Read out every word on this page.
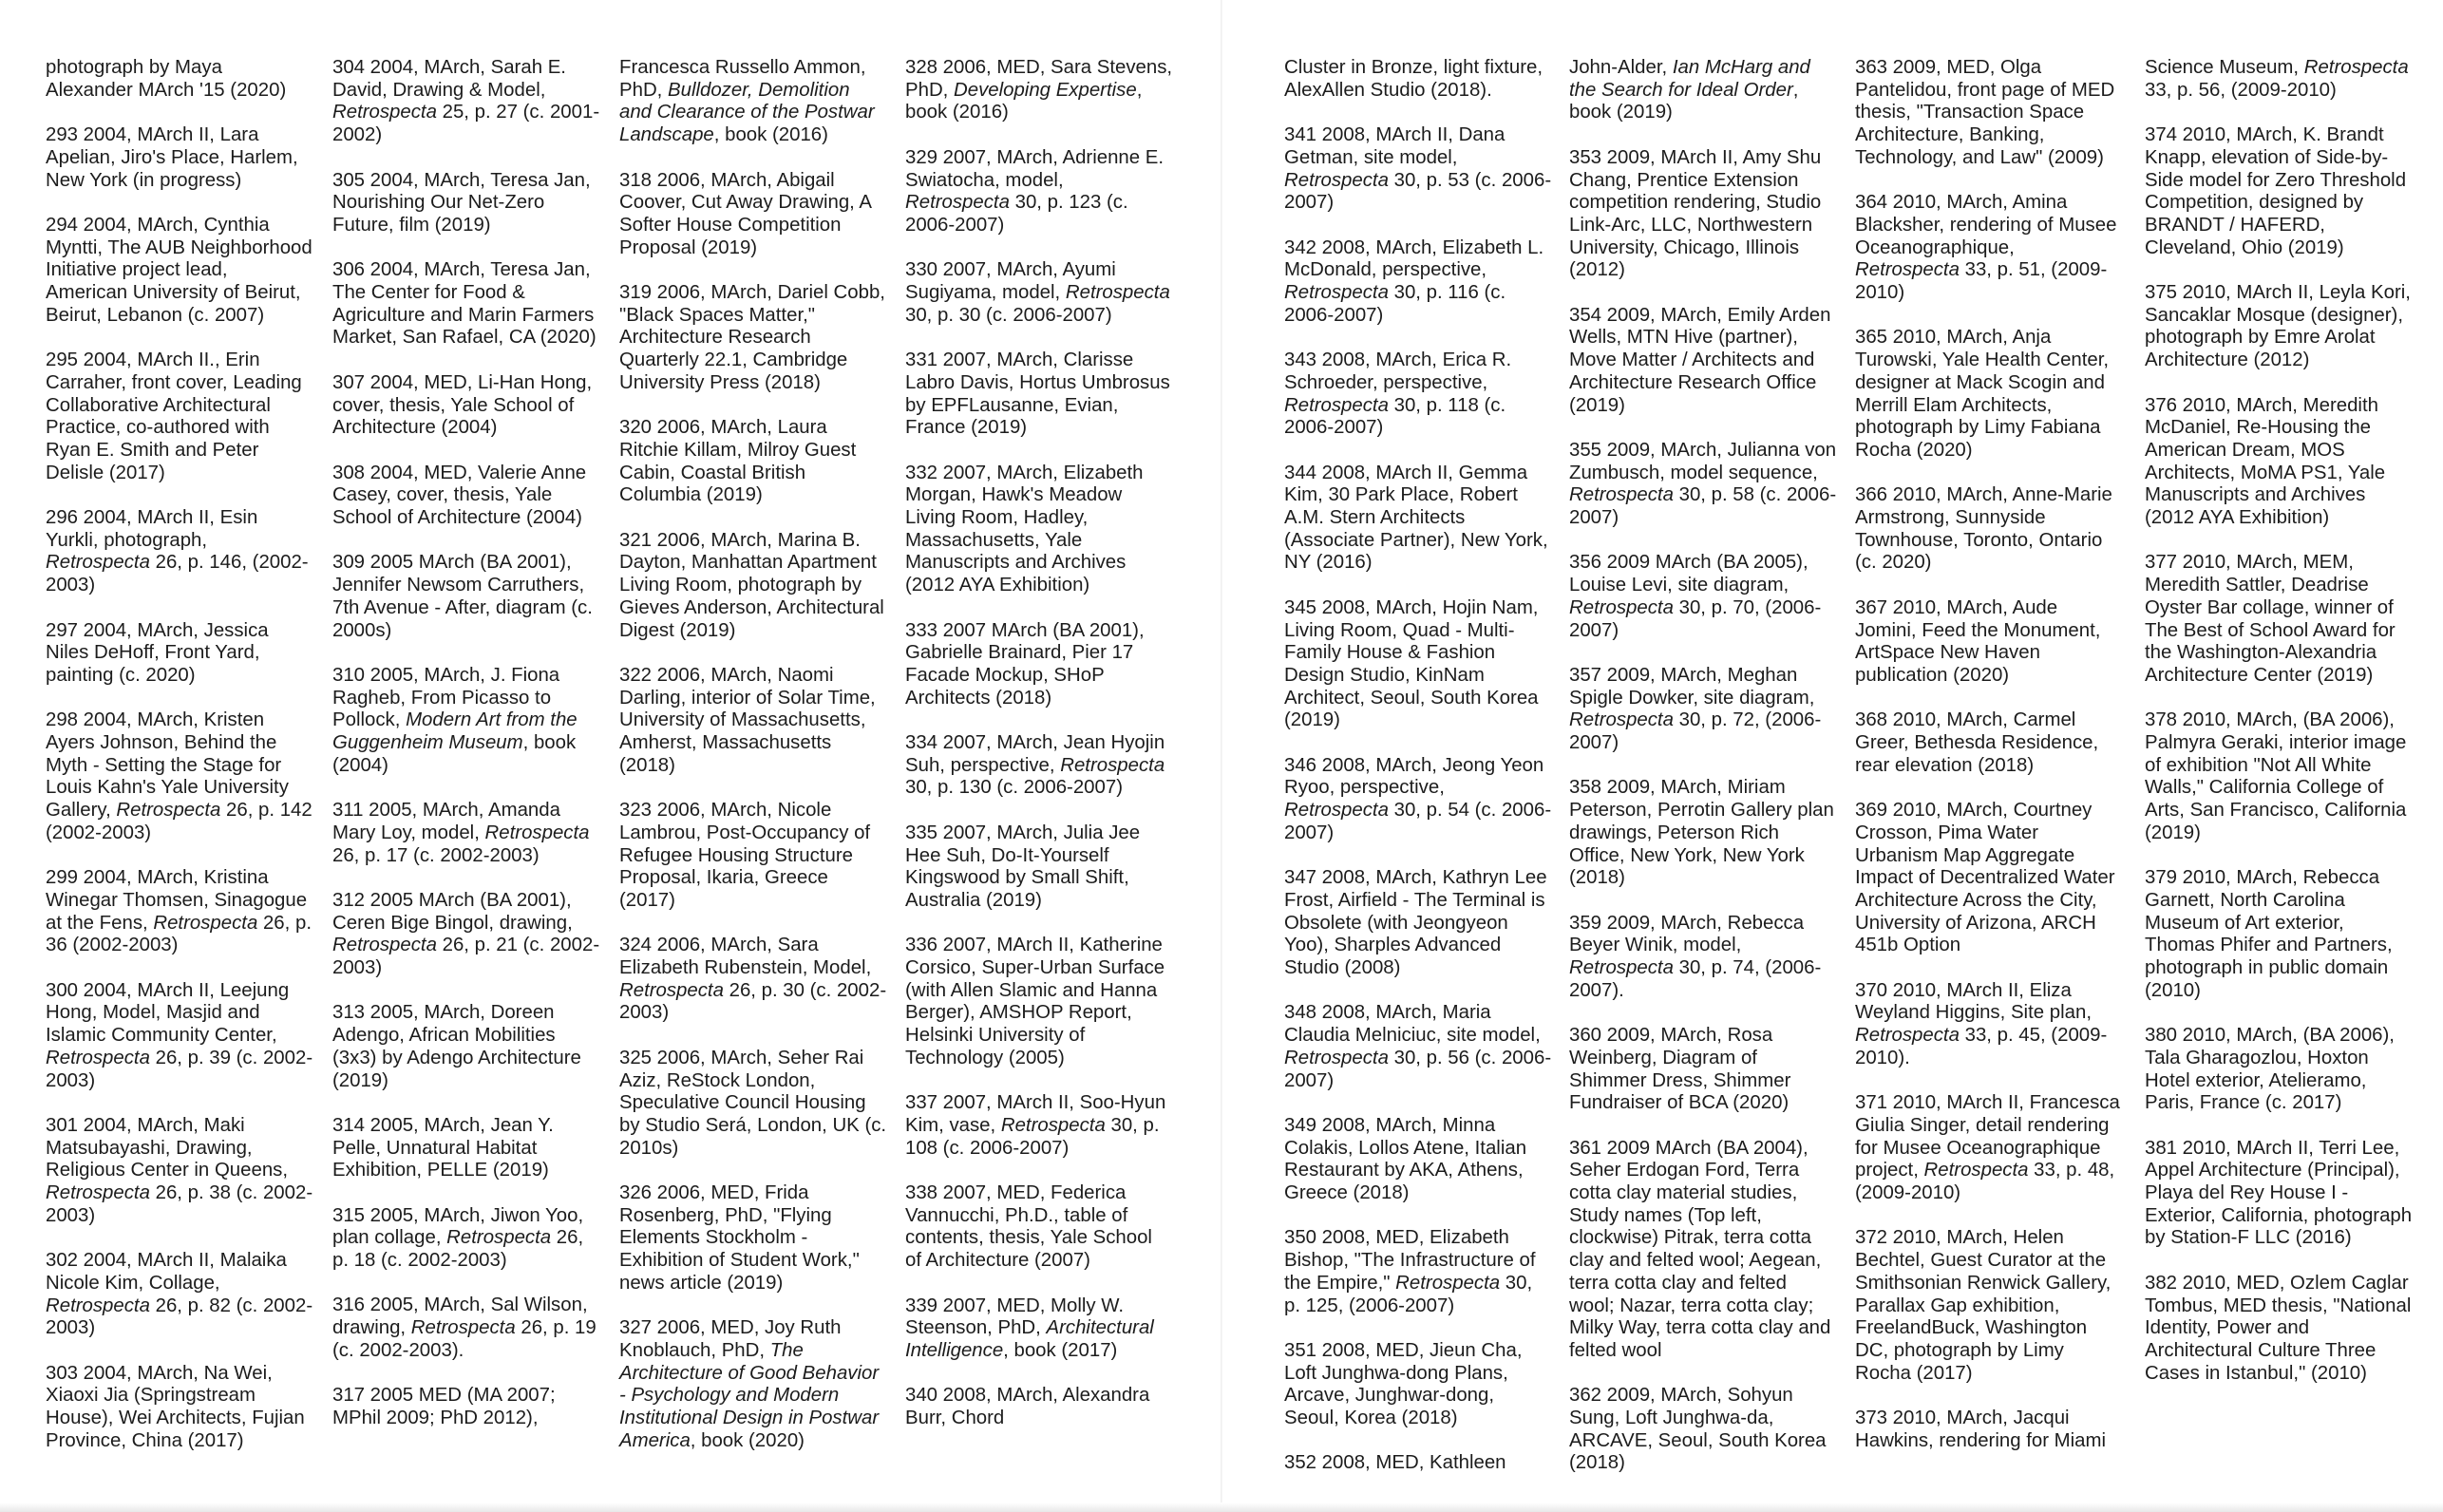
photograph by Maya Alexander MArch '15 (2020)

293 2004, MArch II, Lara Apelian, Jiro's Place, Harlem, New York (in progress)

294 2004, MArch, Cynthia Myntti, The AUB Neighborhood Initiative project lead, American University of Beirut, Beirut, Lebanon (c. 2007)

295 2004, MArch II., Erin Carraher, front cover, Leading Collaborative Architectural Practice, co-authored with Ryan E. Smith and Peter Delisle (2017)

296 2004, MArch II, Esin Yurkli, photograph, Retrospecta 26, p. 146, (2002-2003)

297 2004, MArch, Jessica Niles DeHoff, Front Yard, painting (c. 2020)

298 2004, MArch, Kristen Ayers Johnson, Behind the Myth - Setting the Stage for Louis Kahn's Yale University Gallery, Retrospecta 26, p. 142 (2002-2003)

299 2004, MArch, Kristina Winegar Thomsen, Sinagogue at the Fens, Retrospecta 26, p. 36 (2002-2003)

300 2004, MArch II, Leejung Hong, Model, Masjid and Islamic Community Center, Retrospecta 26, p. 39 (c. 2002-2003)

301 2004, MArch, Maki Matsubayashi, Drawing, Religious Center in Queens, Retrospecta 26, p. 38 (c. 2002-2003)

302 2004, MArch II, Malaika Nicole Kim, Collage, Retrospecta 26, p. 82 (c. 2002-2003)

303 2004, MArch, Na Wei, Xiaoxi Jia (Springstream House), Wei Architects, Fujian Province, China (2017)

304 2004, MArch, Sarah E. David, Drawing & Model, Retrospecta 25, p. 27 (c. 2001-2002)

305 2004, MArch, Teresa Jan, Nourishing Our Net-Zero Future, film (2019)

306 2004, MArch, Teresa Jan, The Center for Food & Agriculture and Marin Farmers Market, San Rafael, CA (2020)

307 2004, MED, Li-Han Hong, cover, thesis, Yale School of Architecture (2004)

308 2004, MED, Valerie Anne Casey, cover, thesis, Yale School of Architecture (2004)

309 2005 MArch (BA 2001), Jennifer Newsom Carruthers, 7th Avenue - After, diagram (c. 2000s)

310 2005, MArch, J. Fiona Ragheb, From Picasso to Pollock, Modern Art from the Guggenheim Museum, book (2004)

311 2005, MArch, Amanda Mary Loy, model, Retrospecta 26, p. 17 (c. 2002-2003)

312 2005 MArch (BA 2001), Ceren Bige Bingol, drawing, Retrospecta 26, p. 21 (c. 2002-2003)

313 2005, MArch, Doreen Adengo, African Mobilities (3x3) by Adengo Architecture (2019)

314 2005, MArch, Jean Y. Pelle, Unnatural Habitat Exhibition, PELLE (2019)

315 2005, MArch, Jiwon Yoo, plan collage, Retrospecta 26, p. 18 (c. 2002-2003)

316 2005, MArch, Sal Wilson, drawing, Retrospecta 26, p. 19 (c. 2002-2003).

317 2005 MED (MA 2007; MPhil 2009; PhD 2012),

Francesca Russello Ammon, PhD, Bulldozer, Demolition and Clearance of the Postwar Landscape, book (2016)

318 2006, MArch, Abigail Coover, Cut Away Drawing, A Softer House Competition Proposal (2019)

319 2006, MArch, Dariel Cobb, "Black Spaces Matter," Architecture Research Quarterly 22.1, Cambridge University Press (2018)

320 2006, MArch, Laura Ritchie Killam, Milroy Guest Cabin, Coastal British Columbia (2019)

321 2006, MArch, Marina B. Dayton, Manhattan Apartment Living Room, photograph by Gieves Anderson, Architectural Digest (2019)

322 2006, MArch, Naomi Darling, interior of Solar Time, University of Massachusetts, Amherst, Massachusetts (2018)

323 2006, MArch, Nicole Lambrou, Post-Occupancy of Refugee Housing Structure Proposal, Ikaria, Greece (2017)

324 2006, MArch, Sara Elizabeth Rubenstein, Model, Retrospecta 26, p. 30 (c. 2002-2003)

325 2006, MArch, Seher Rai Aziz, ReStock London, Speculative Council Housing by Studio Será, London, UK (c. 2010s)

326 2006, MED, Frida Rosenberg, PhD, "Flying Elements Stockholm - Exhibition of Student Work," news article (2019)

327 2006, MED, Joy Ruth Knoblauch, PhD, The Architecture of Good Behavior - Psychology and Modern Institutional Design in Postwar America, book (2020)

328 2006, MED, Sara Stevens, PhD, Developing Expertise, book (2016)

329 2007, MArch, Adrienne E. Swiatocha, model, Retrospecta 30, p. 123 (c. 2006-2007)

330 2007, MArch, Ayumi Sugiyama, model, Retrospecta 30, p. 30 (c. 2006-2007)

331 2007, MArch, Clarisse Labro Davis, Hortus Umbrosus by EPFLausanne, Evian, France (2019)

332 2007, MArch, Elizabeth Morgan, Hawk's Meadow Living Room, Hadley, Massachusetts, Yale Manuscripts and Archives (2012 AYA Exhibition)

333 2007 MArch (BA 2001), Gabrielle Brainard, Pier 17 Facade Mockup, SHoP Architects (2018)

334 2007, MArch, Jean Hyojin Suh, perspective, Retrospecta 30, p. 130 (c. 2006-2007)

335 2007, MArch, Julia Jee Hee Suh, Do-It-Yourself Kingswood by Small Shift, Australia (2019)

336 2007, MArch II, Katherine Corsico, Super-Urban Surface (with Allen Slamic and Hanna Berger), AMSHOP Report, Helsinki University of Technology (2005)

337 2007, MArch II, Soo-Hyun Kim, vase, Retrospecta 30, p. 108 (c. 2006-2007)

338 2007, MED, Federica Vannucchi, Ph.D., table of contents, thesis, Yale School of Architecture (2007)

339 2007, MED, Molly W. Steenson, PhD, Architectural Intelligence, book (2017)

340 2008, MArch, Alexandra Burr, Chord

Cluster in Bronze, light fixture, AlexAllen Studio (2018).

341 2008, MArch II, Dana Getman, site model, Retrospecta 30, p. 53 (c. 2006-2007)

342 2008, MArch, Elizabeth L. McDonald, perspective, Retrospecta 30, p. 116 (c. 2006-2007)

343 2008, MArch, Erica R. Schroeder, perspective, Retrospecta 30, p. 118 (c. 2006-2007)

344 2008, MArch II, Gemma Kim, 30 Park Place, Robert A.M. Stern Architects (Associate Partner), New York, NY (2016)

345 2008, MArch, Hojin Nam, Living Room, Quad - Multi-Family House & Fashion Design Studio, KinNam Architect, Seoul, South Korea (2019)

346 2008, MArch, Jeong Yeon Ryoo, perspective, Retrospecta 30, p. 54 (c. 2006-2007)

347 2008, MArch, Kathryn Lee Frost, Airfield - The Terminal is Obsolete (with Jeongyeon Yoo), Sharples Advanced Studio (2008)

348 2008, MArch, Maria Claudia Melniciuc, site model, Retrospecta 30, p. 56 (c. 2006-2007)

349 2008, MArch, Minna Colakis, Lollos Atene, Italian Restaurant by AKA, Athens, Greece (2018)

350 2008, MED, Elizabeth Bishop, "The Infrastructure of the Empire," Retrospecta 30, p. 125, (2006-2007)

351 2008, MED, Jieun Cha, Loft Junghwa-dong Plans, Arcave, Junghwar-dong, Seoul, Korea (2018)

352 2008, MED, Kathleen

John-Alder, Ian McHarg and the Search for Ideal Order, book (2019)

353 2009, MArch II, Amy Shu Chang, Prentice Extension competition rendering, Studio Link-Arc, LLC, Northwestern University, Chicago, Illinois (2012)

354 2009, MArch, Emily Arden Wells, MTN Hive (partner), Move Matter / Architects and Architecture Research Office (2019)

355 2009, MArch, Julianna von Zumbusch, model sequence, Retrospecta 30, p. 58 (c. 2006-2007)

356 2009 MArch (BA 2005), Louise Levi, site diagram, Retrospecta 30, p. 70, (2006-2007)

357 2009, MArch, Meghan Spigle Dowker, site diagram, Retrospecta 30, p. 72, (2006-2007)

358 2009, MArch, Miriam Peterson, Perrotin Gallery plan drawings, Peterson Rich Office, New York, New York (2018)

359 2009, MArch, Rebecca Beyer Winik, model, Retrospecta 30, p. 74, (2006-2007).

360 2009, MArch, Rosa Weinberg, Diagram of Shimmer Dress, Shimmer Fundraiser of BCA (2020)

361 2009 MArch (BA 2004), Seher Erdogan Ford, Terra cotta clay material studies, Study names (Top left, clockwise) Pitrak, terra cotta clay and felted wool; Aegean, terra cotta clay and felted wool; Nazar, terra cotta clay; Milky Way, terra cotta clay and felted wool

362 2009, MArch, Sohyun Sung, Loft Junghwa-da, ARCAVE, Seoul, South Korea (2018)

363 2009, MED, Olga Pantelidou, front page of MED thesis, "Transaction Space Architecture, Banking, Technology, and Law" (2009)

364 2010, MArch, Amina Blacksher, rendering of Musee Oceanographique, Retrospecta 33, p. 51, (2009-2010)

365 2010, MArch, Anja Turowski, Yale Health Center, designer at Mack Scogin and Merrill Elam Architects, photograph by Limy Fabiana Rocha (2020)

366 2010, MArch, Anne-Marie Armstrong, Sunnyside Townhouse, Toronto, Ontario (c. 2020)

367 2010, MArch, Aude Jomini, Feed the Monument, ArtSpace New Haven publication (2020)

368 2010, MArch, Carmel Greer, Bethesda Residence, rear elevation (2018)

369 2010, MArch, Courtney Crosson, Pima Water Urbanism Map Aggregate Impact of Decentralized Water Architecture Across the City, University of Arizona, ARCH 451b Option

370 2010, MArch II, Eliza Weyland Higgins, Site plan, Retrospecta 33, p. 45, (2009-2010).

371 2010, MArch II, Francesca Giulia Singer, detail rendering for Musee Oceanographique project, Retrospecta 33, p. 48, (2009-2010)

372 2010, MArch, Helen Bechtel, Guest Curator at the Smithsonian Renwick Gallery, Parallax Gap exhibition, FreelandBuck, Washington DC, photograph by Limy Rocha (2017)

373 2010, MArch, Jacqui Hawkins, rendering for Miami

Science Museum, Retrospecta 33, p. 56, (2009-2010)

374 2010, MArch, K. Brandt Knapp, elevation of Side-by-Side model for Zero Threshold Competition, designed by BRANDT / HAFERD, Cleveland, Ohio (2019)

375 2010, MArch II, Leyla Kori, Sancaklar Mosque (designer), photograph by Emre Arolat Architecture (2012)

376 2010, MArch, Meredith McDaniel, Re-Housing the American Dream, MOS Architects, MoMA PS1, Yale Manuscripts and Archives (2012 AYA Exhibition)

377 2010, MArch, MEM, Meredith Sattler, Deadrise Oyster Bar collage, winner of The Best of School Award for the Washington-Alexandria Architecture Center (2019)

378 2010, MArch, (BA 2006), Palmyra Geraki, interior image of exhibition "Not All White Walls," California College of Arts, San Francisco, California (2019)

379 2010, MArch, Rebecca Garnett, North Carolina Museum of Art exterior, Thomas Phifer and Partners, photograph in public domain (2010)

380 2010, MArch, (BA 2006), Tala Gharagozlou, Hoxton Hotel exterior, Atelieramo, Paris, France (c. 2017)

381 2010, MArch II, Terri Lee, Appel Architecture (Principal), Playa del Rey House I - Exterior, California, photograph by Station-F LLC (2016)

382 2010, MED, Ozlem Caglar Tombus, MED thesis, "National Identity, Power and Architectural Culture Three Cases in Istanbul," (2010)
